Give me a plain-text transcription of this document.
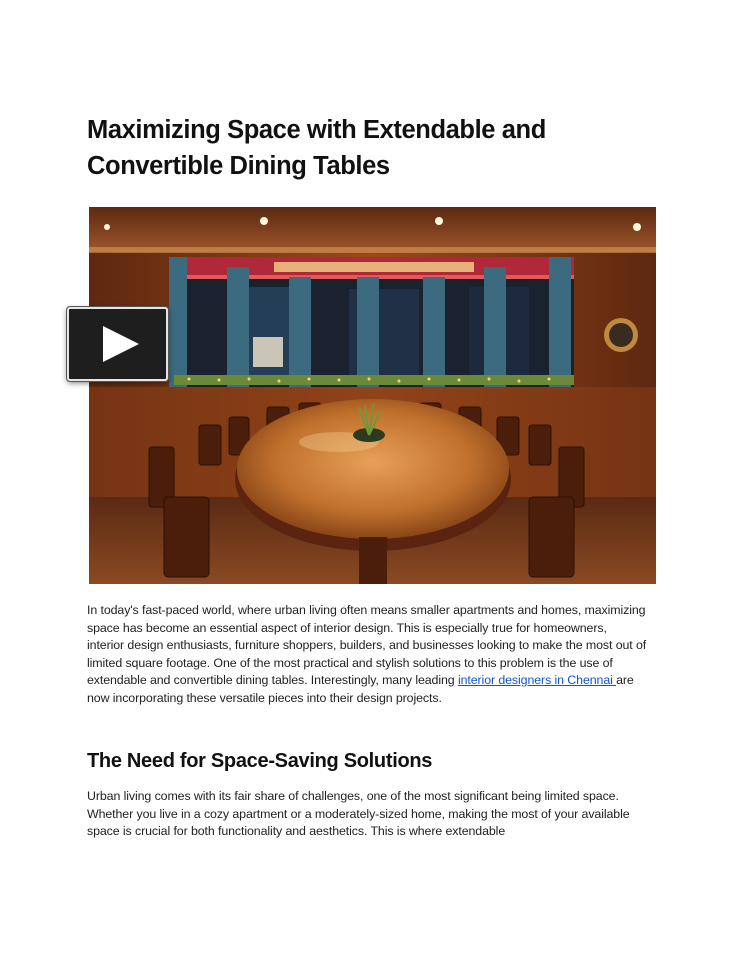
Maximizing Space with Extendable and Convertible Dining Tables

In today's fast-paced world, where urban living often means smaller apartments and homes, maximizing space has become an essential aspect of interior design. This is especially true for homeowners, interior design enthusiasts, furniture shoppers, builders, and businesses looking to make the most out of limited square footage. One of the most practical and stylish solutions to this problem is the use of extendable and convertible dining tables. Interestingly, many leading interior designers in Chennai are now incorporating these versatile pieces into their design projects.

The Need for Space-Saving Solutions

Urban living comes with its fair share of challenges, one of the most significant being limited space. Whether you live in a cozy apartment or a moderately-sized home, making the most of your available space is crucial for both functionality and aesthetics. This is where extendable
